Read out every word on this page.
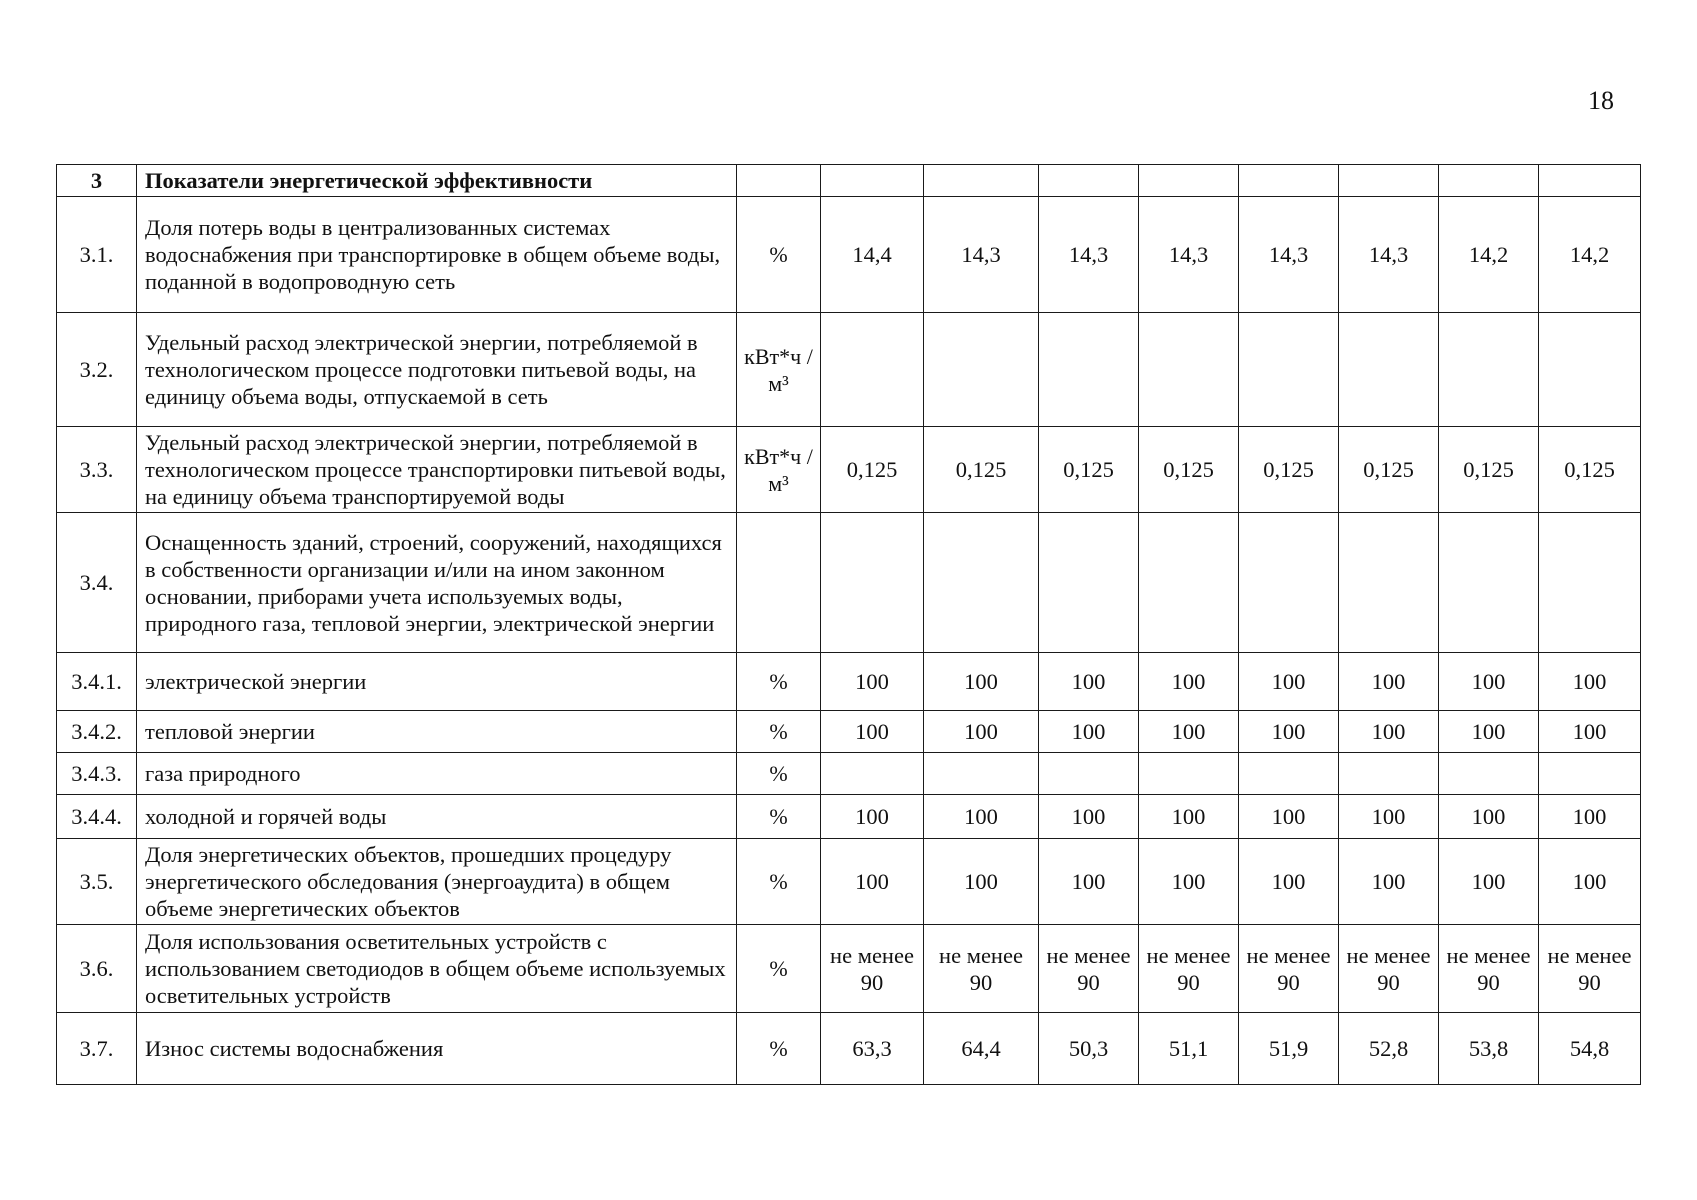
18
3	Показатели энергетической эффективности									
3.1.	Доля потерь воды в централизованных системах водоснабжения при транспортировке в общем объеме воды, поданной в водопроводную сеть	%	14,4	14,3	14,3	14,3	14,3	14,3	14,2	14,2
3.2.	Удельный расход электрической энергии, потребляемой в технологическом процессе подготовки питьевой воды, на единицу объема воды, отпускаемой в сеть	кВт*ч /м³								
3.3.	Удельный расход электрической энергии, потребляемой в технологическом процессе транспортировки питьевой воды, на единицу объема транспортируемой воды	кВт*ч /м³	0,125	0,125	0,125	0,125	0,125	0,125	0,125	0,125
3.4.	Оснащенность зданий, строений, сооружений, находящихся в собственности организации и/или на ином законном основании, приборами учета используемых воды, природного газа, тепловой энергии, электрической энергии									
3.4.1.	электрической энергии	%	100	100	100	100	100	100	100	100
3.4.2.	тепловой энергии	%	100	100	100	100	100	100	100	100
3.4.3.	газа природного	%								
3.4.4.	холодной и горячей воды	%	100	100	100	100	100	100	100	100
3.5.	Доля энергетических объектов, прошедших процедуру энергетического обследования (энергоаудита) в общем объеме энергетических объектов	%	100	100	100	100	100	100	100	100
3.6.	Доля использования осветительных устройств с использованием светодиодов в общем объеме используемых осветительных устройств	%	не менее 90	не менее 90	не менее 90	не менее 90	не менее 90	не менее 90	не менее 90	не менее 90
3.7.	Износ системы водоснабжения	%	63,3	64,4	50,3	51,1	51,9	52,8	53,8	54,8
